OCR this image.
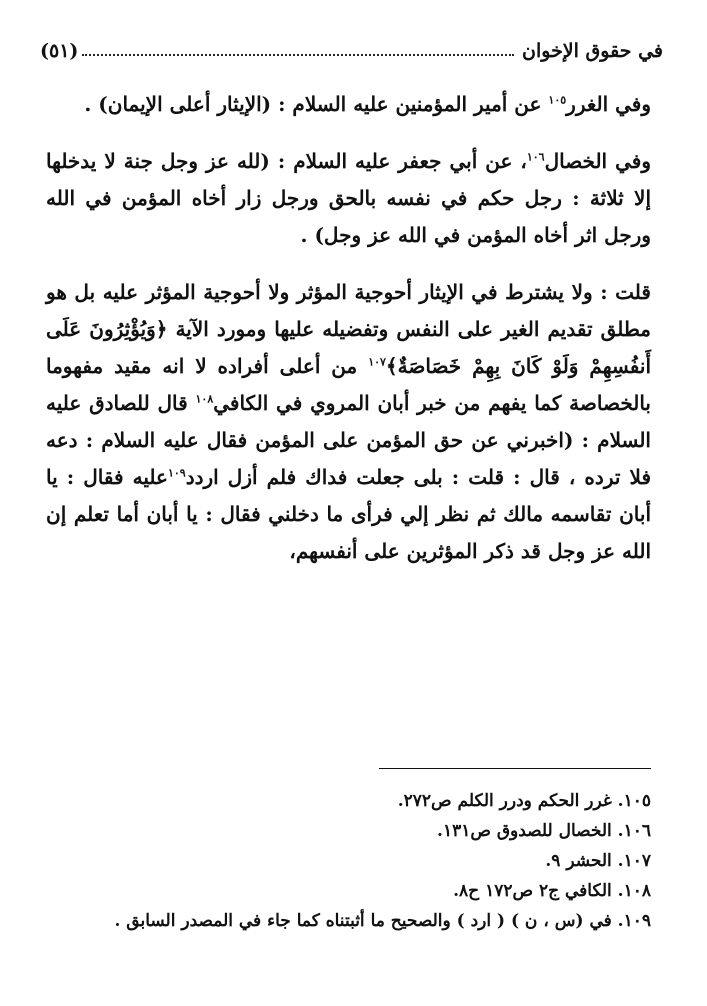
في حقوق الإخوان
(٥١)

وفي الغرر$^{١٠٥}$ عن أمير المؤمنين عليه السلام : (الإيثار أعلى الإيمان) .

وفي الخصال$^{١٠٦}$، عن أبي جعفر عليه السلام : (لله عز وجل جنة لا يدخلها إلا ثلاثة : رجل حكم في نفسه بالحق ورجل زار أخاه المؤمن في الله ورجل اثر أخاه المؤمن في الله عز وجل) .

قلت : ولا يشترط في الإيثار أحوجية المؤثر ولا أحوجية المؤثر عليه بل هو مطلق تقديم الغير على النفس وتفضيله عليها ومورد الآية ﴿وَيُؤْثِرُونَ عَلَى أَنفُسِهِمْ وَلَوْ كَانَ بِهِمْ خَصَاصَةٌ﴾$^{١٠٧}$ من أعلى أفراده لا انه مقيد مفهوما بالخصاصة كما يفهم من خبر أبان المروي في الكافي$^{١٠٨}$ قال للصادق عليه السلام : (اخبرني عن حق المؤمن على المؤمن فقال عليه السلام : دعه فلا ترده ، قال : قلت : بلى جعلت فداك فلم أزل اردد$^{١٠٩}$عليه فقال : يا أبان تقاسمه مالك ثم نظر إلي فرأى ما دخلني فقال : يا أبان أما تعلم إن الله عز وجل قد ذكر المؤثرين على أنفسهم،

١٠٥. غرر الحكم ودرر الكلم ص٢٧٢.
١٠٦. الخصال للصدوق ص١٣١.
١٠٧. الحشر ٩.
١٠٨. الكافي ج٢ ص١٧٢ ح٨.
١٠٩. في (س ، ن ) ( ارد ) والصحيح ما أثبتناه كما جاء في المصدر السابق .
